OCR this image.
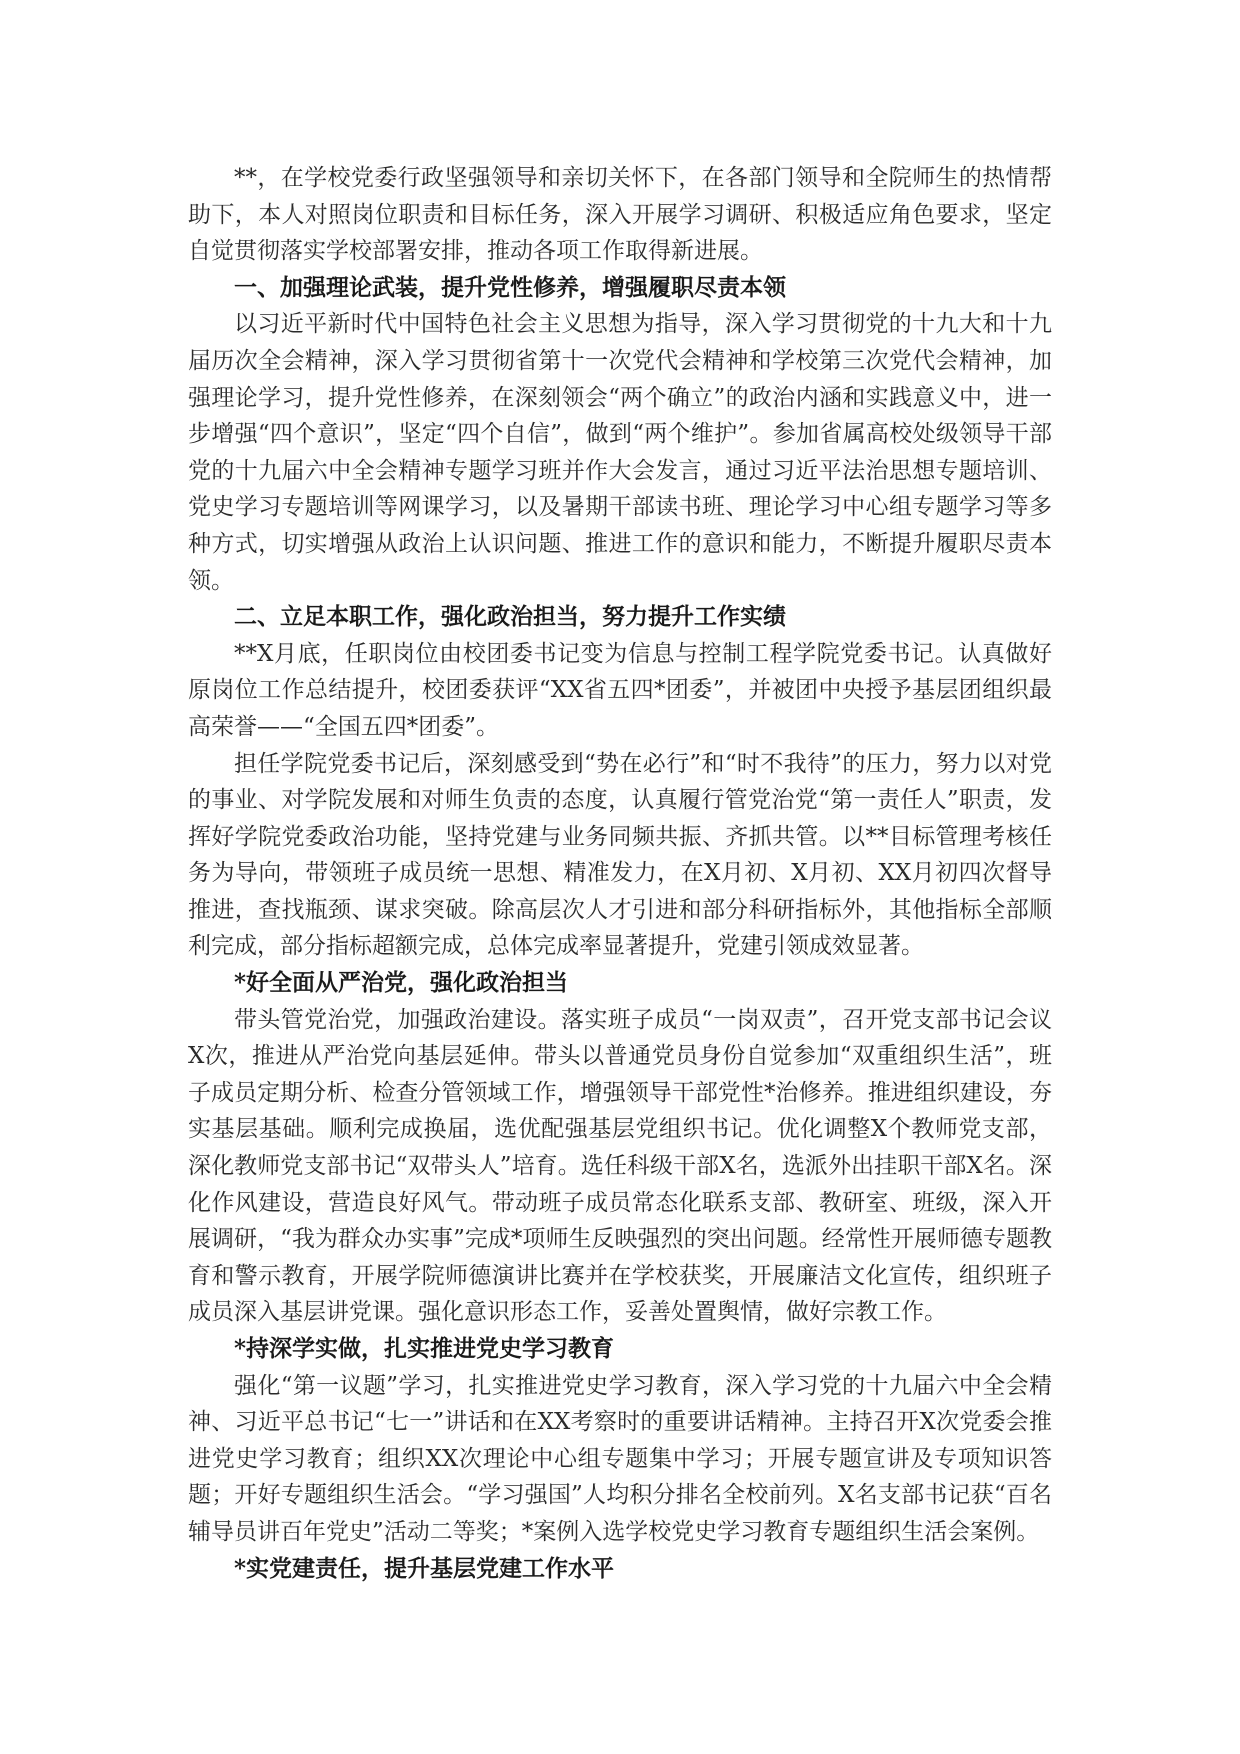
**，在学校党委行政坚强领导和亲切关怀下，在各部门领导和全院师生的热情帮助下，本人对照岗位职责和目标任务，深入开展学习调研、积极适应角色要求，坚定自觉贯彻落实学校部署安排，推动各项工作取得新进展。

一、加强理论武装，提升党性修养，增强履职尽责本领

以习近平新时代中国特色社会主义思想为指导，深入学习贯彻党的十九大和十九届历次全会精神，深入学习贯彻省第十一次党代会精神和学校第三次党代会精神，加强理论学习，提升党性修养，在深刻领会“两个确立”的政治内涵和实践意义中，进一步增强“四个意识”，坚定“四个自信”，做到“两个维护”。参加省属高校处级领导干部党的十九届六中全会精神专题学习班并作大会发言，通过习近平法治思想专题培训、党史学习专题培训等网课学习，以及暑期干部读书班、理论学习中心组专题学习等多种方式，切实增强从政治上认识问题、推进工作的意识和能力，不断提升履职尽责本领。

二、立足本职工作，强化政治担当，努力提升工作实绩

**X月底，任职岗位由校团委书记变为信息与控制工程学院党委书记。认真做好原岗位工作总结提升，校团委获评“XX省五四*团委”，并被团中央授予基层团组织最高荣誉——“全国五四*团委”。

担任学院党委书记后，深刻感受到“势在必行”和“时不我待”的压力，努力以对党的事业、对学院发展和对师生负责的态度，认真履行管党治党“第一责任人”职责，发挥好学院党委政治功能，坚持党建与业务同频共振、齐抓共管。以**目标管理考核任务为导向，带领班子成员统一思想、精准发力，在X月初、X月初、XX月初四次督导推进，查找瓶颈、谋求突破。除高层次人才引进和部分科研指标外，其他指标全部顺利完成，部分指标超额完成，总体完成率显著提升，党建引领成效显著。

*好全面从严治党，强化政治担当

带头管党治党，加强政治建设。落实班子成员“一岗双责”，召开党支部书记会议X次，推进从严治党向基层延伸。带头以普通党员身份自觉参加“双重组织生活”，班子成员定期分析、检查分管领域工作，增强领导干部党性*治修养。推进组织建设，夯实基层基础。顺利完成换届，选优配强基层党组织书记。优化调整X个教师党支部，深化教师党支部书记“双带头人”培育。选任科级干部X名，选派外出挂职干部X名。深化作风建设，营造良好风气。带动班子成员常态化联系支部、教研室、班级，深入开展调研，“我为群众办实事”完成*项师生反映强烈的突出问题。经常性开展师德专题教育和警示教育，开展学院师德演讲比赛并在学校获奖，开展廉洁文化宣传，组织班子成员深入基层讲党课。强化意识形态工作，妥善处置舆情，做好宗教工作。

*持深学实做，扎实推进党史学习教育

强化“第一议题”学习，扎实推进党史学习教育，深入学习党的十九届六中全会精神、习近平总书记“七一”讲话和在XX考察时的重要讲话精神。主持召开X次党委会推进党史学习教育；组织XX次理论中心组专题集中学习；开展专题宣讲及专项知识答题；开好专题组织生活会。“学习强国”人均积分排名全校前列。X名支部书记获“百名辅导员讲百年党史”活动二等奖；*案例入选学校党史学习教育专题组织生活会案例。

*实党建责任，提升基层党建工作水平
